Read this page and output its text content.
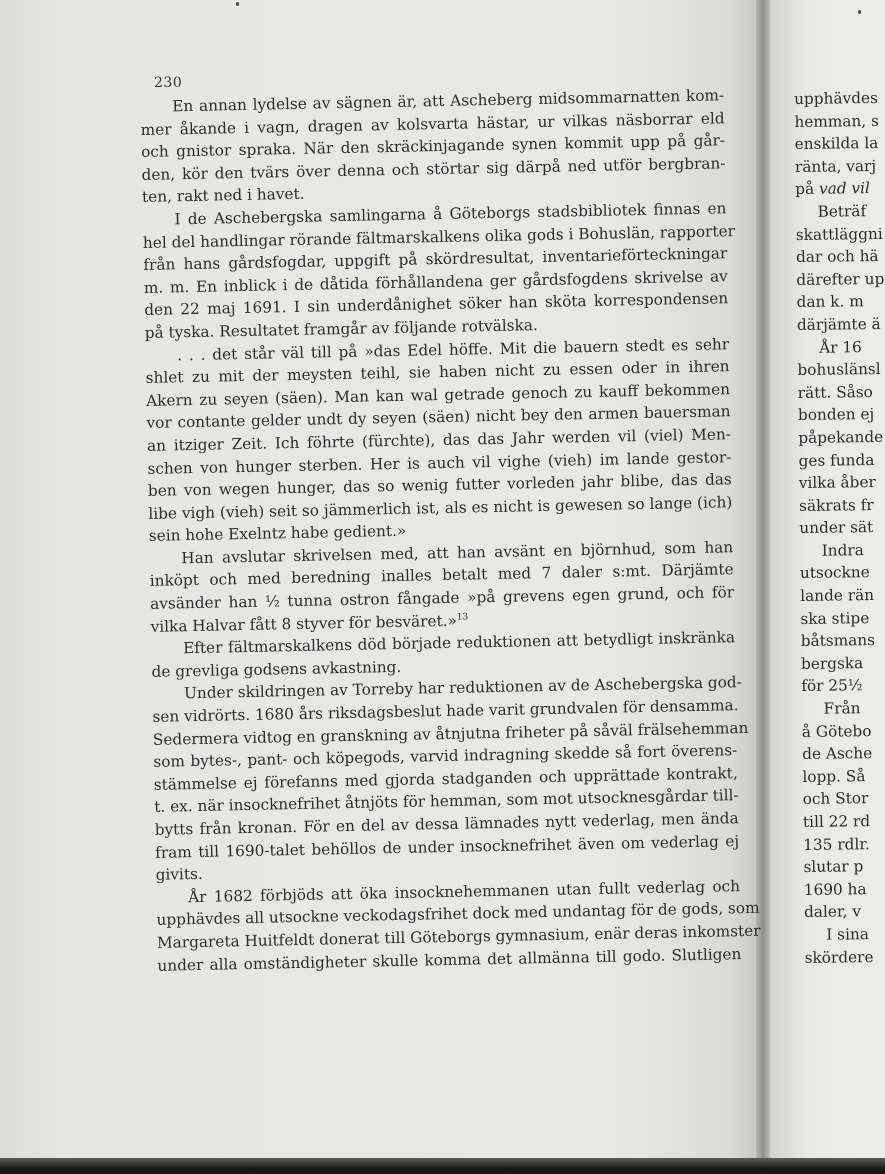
230
En annan lydelse av sägnen är, att Ascheberg midsommarnatten kom-
mer åkande i vagn, dragen av kolsvarta hästar, ur vilkas näsborrar eld
och gnistor spraka. När den skräckinjagande synen kommit upp på går-
den, kör den tvärs över denna och störtar sig därpå ned utför bergbran-
ten, rakt ned i havet.
I de Aschebergska samlingarna å Göteborgs stadsbibliotek finnas en
hel del handlingar rörande fältmarskalkens olika gods i Bohuslän, rapporter
från hans gårdsfogdar, uppgift på skördresultat, inventarieförteckningar
m. m. En inblick i de dåtida förhållandena ger gårdsfogdens skrivelse av
den 22 maj 1691. I sin underdånighet söker han sköta korrespondensen
på tyska. Resultatet framgår av följande rotvälska.
. . . det står väl till på »das Edel höffe. Mit die bauern stedt es sehr
shlet zu mit der meysten teihl, sie haben nicht zu essen oder in ihren
Akern zu seyen (säen). Man kan wal getrade genoch zu kauff bekommen
vor contante gelder undt dy seyen (säen) nicht bey den armen bauersman
an itziger Zeit. Ich föhrte (fürchte), das das Jahr werden vil (viel) Men-
schen von hunger sterben. Her is auch vil vighe (vieh) im lande gestor-
ben von wegen hunger, das so wenig futter vorleden jahr blibe, das das
libe vigh (vieh) seit so jämmerlich ist, als es nicht is gewesen so lange (ich)
sein hohe Exelntz habe gedient.»
Han avslutar skrivelsen med, att han avsänt en björnhud, som han
inköpt och med beredning inalles betalt med 7 daler s:mt. Därjämte
avsänder han ½ tunna ostron fångade »på grevens egen grund, och för
vilka Halvar fått 8 styver för besväret.»$^{13}$
Efter fältmarskalkens död började reduktionen att betydligt inskränka
de grevliga godsens avkastning.
Under skildringen av Torreby har reduktionen av de Aschebergska god-
sen vidrörts. 1680 års riksdagsbeslut hade varit grundvalen för densamma.
Sedermera vidtog en granskning av åtnjutna friheter på såväl frälsehemman
som bytes-, pant- och köpegods, varvid indragning skedde så fort överens-
stämmelse ej förefanns med gjorda stadganden och upprättade kontrakt,
t. ex. när insocknefrihet åtnjöts för hemman, som mot utsocknesgårdar till-
bytts från kronan. För en del av dessa lämnades nytt vederlag, men ända
fram till 1690-talet behöllos de under insocknefrihet även om vederlag ej
givits.
År 1682 förbjöds att öka insocknehemmanen utan fullt vederlag och
upphävdes all utsockne veckodagsfrihet dock med undantag för de gods, som
Margareta Huitfeldt donerat till Göteborgs gymnasium, enär deras inkomster
under alla omständigheter skulle komma det allmänna till godo. Slutligen
upphävdes
hemman, s
enskilda la
ränta, varj
på vad vil
Beträf
skattläggni
dar och hä
därefter up
dan k. m
därjämte ä
År 16
bohuslänsl
rätt. Såso
bonden ej
påpekande
ges funda
vilka åber
säkrats fr
under sät
Indra
utsockne
lande rän
ska stipe
båtsmans
bergska
för 25½
Från
å Götebo
de Asche
lopp. Så
och Stor
till 22 rd
135 rdlr.
slutar p
1690 ha
daler, v
I sina
skördere
